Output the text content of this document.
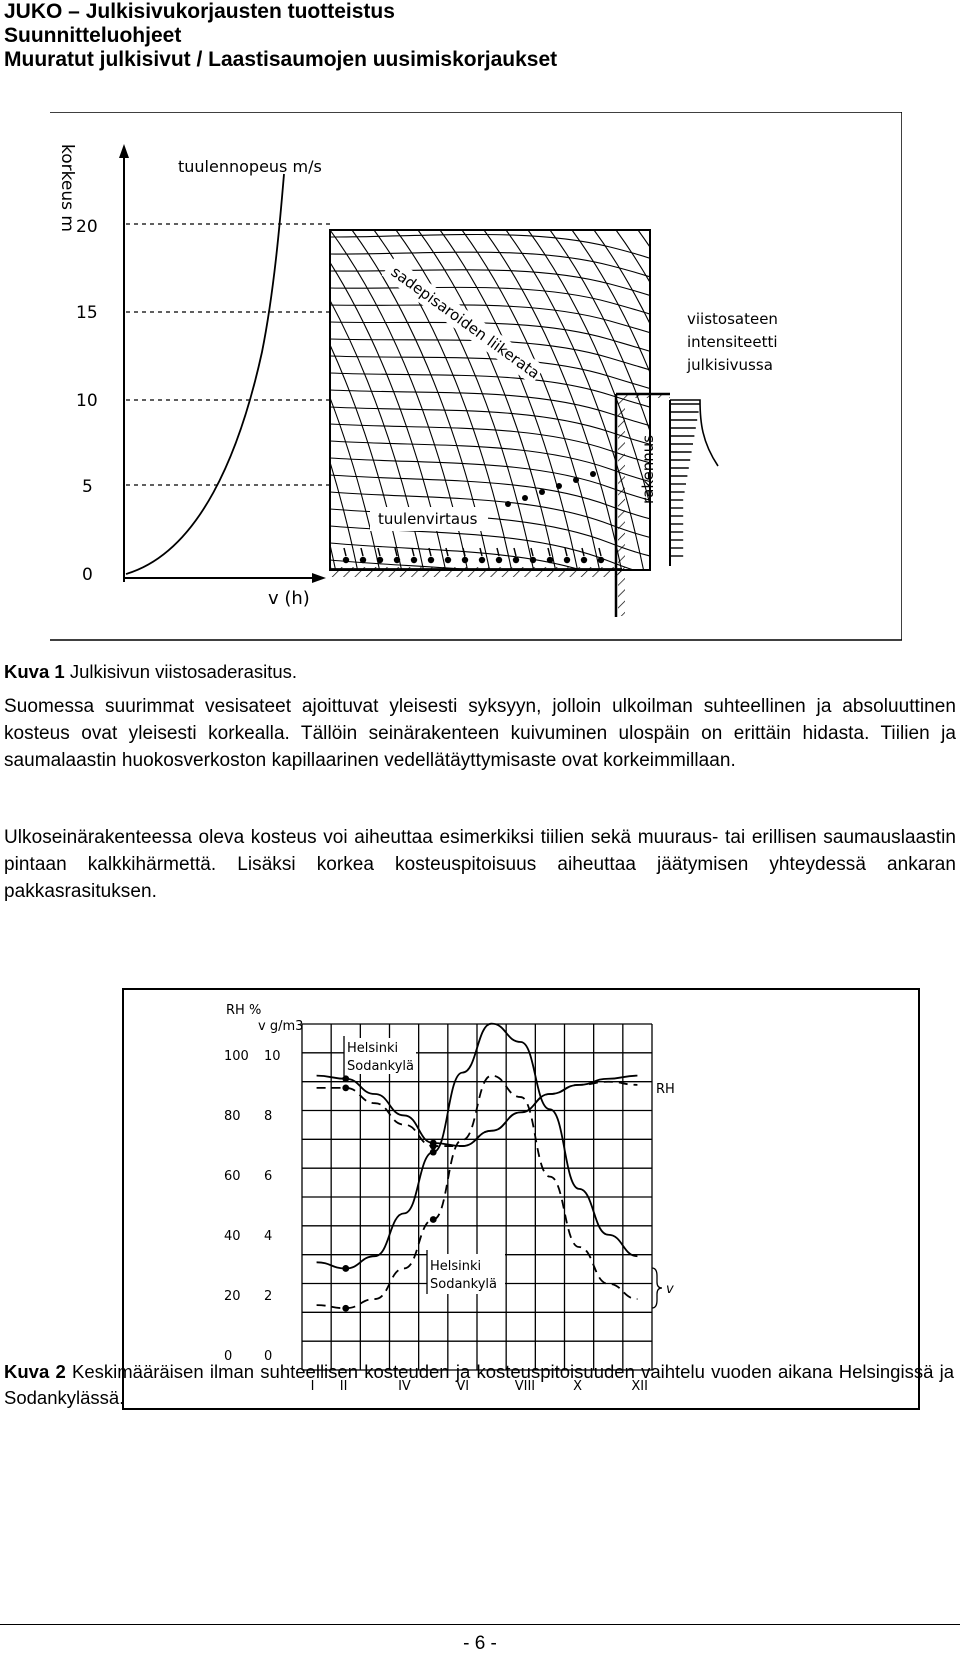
JUKO – Julkisivukorjausten tuotteistus
Suunnitteluohjeet
Muuratut julkisivut / Laastisaumojen uusimiskorjaukset
korkeus m 20
15
10
5
0
v (h)
tuulennopeus m/s
rakennus
viistosateen
intensiteetti
julkisivussa
tuulenvirtaus
sadepisaroiden liikerata
Kuva 1 Julkisivun viistosaderasitus.
Suomessa suurimmat vesisateet ajoittuvat yleisesti syksyyn, jolloin ulkoilman suhteellinen ja absoluuttinen kosteus ovat yleisesti korkealla. Tällöin seinärakenteen kuivuminen ulospäin on erittäin hidasta. Tiilien ja saumalaastin huokosverkoston kapillaarinen vedellätäyttymisaste ovat korkeimmillaan.
Ulkoseinärakenteessa oleva kosteus voi aiheuttaa esimerkiksi tiilien sekä muuraus- tai erillisen saumauslaastin pintaan kalkkihärmettä. Lisäksi korkea kosteuspitoisuus aiheuttaa jäätymisen yhteydessä ankaran pakkasrasituksen.
100 10
80 8
60 6
40 4
20 2
0 0
I II	IV	VI	VIII	X	XII
RH %
v g/m3
Helsinki
Sodankylä
Helsinki
Sodankylä
RH
v
Kuva 2 Keskimääräisen ilman suhteellisen kosteuden ja kosteuspitoisuuden vaihtelu vuoden aikana Helsingissä ja Sodankylässä.
- 6 -
